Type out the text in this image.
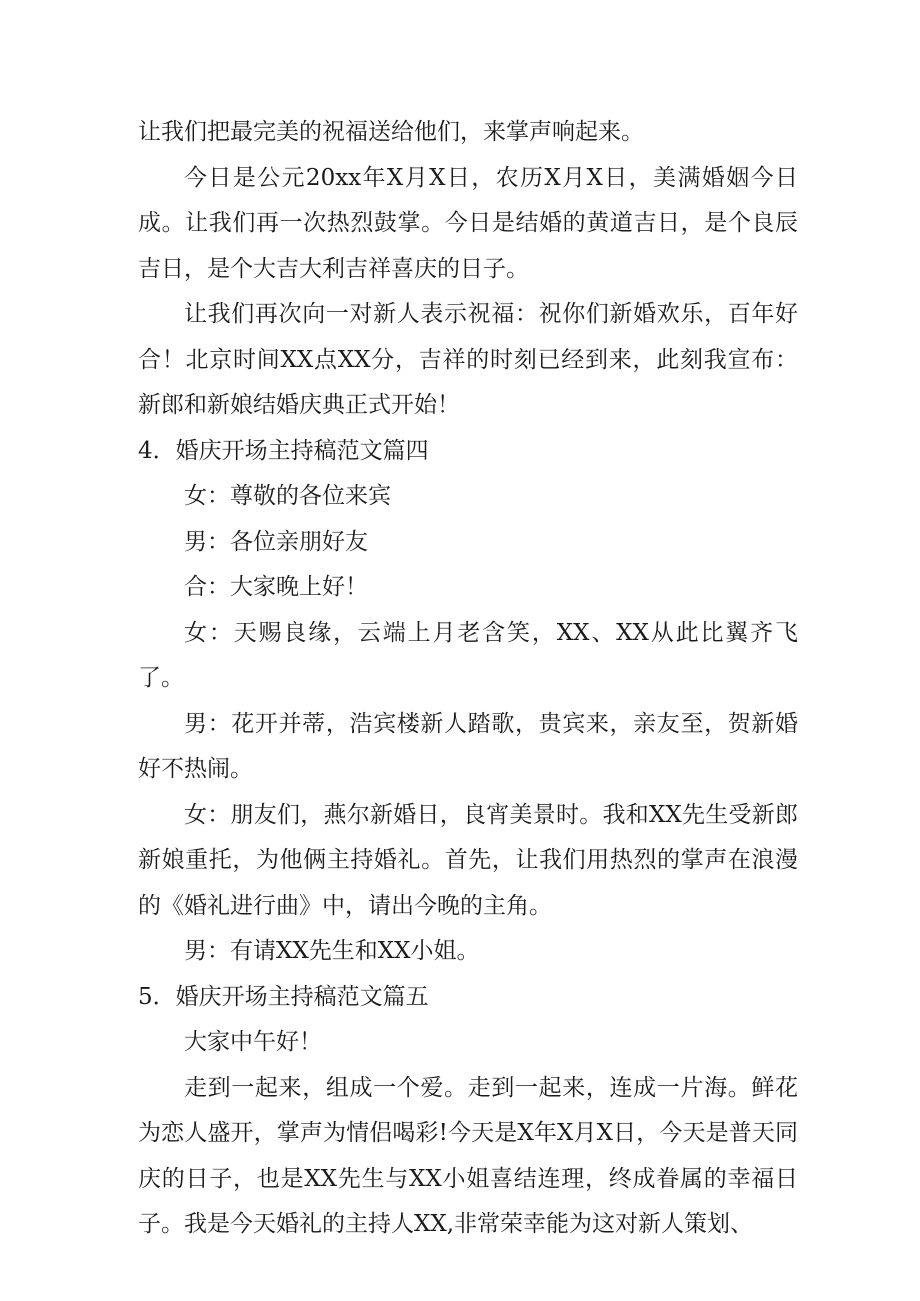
让我们把最完美的祝福送给他们，来掌声响起来。

今日是公元20xx年X月X日，农历X月X日，美满婚姻今日成。让我们再一次热烈鼓掌。今日是结婚的黄道吉日，是个良辰吉日，是个大吉大利吉祥喜庆的日子。

让我们再次向一对新人表示祝福：祝你们新婚欢乐，百年好合！北京时间XX点XX分，吉祥的时刻已经到来，此刻我宣布：新郎和新娘结婚庆典正式开始！

4．婚庆开场主持稿范文篇四

女：尊敬的各位来宾

男：各位亲朋好友

合：大家晚上好！

女：天赐良缘，云端上月老含笑，XX、XX从此比翼齐飞了。

男：花开并蒂，浩宾楼新人踏歌，贵宾来，亲友至，贺新婚好不热闹。

女：朋友们，燕尔新婚日，良宵美景时。我和XX先生受新郎新娘重托，为他俩主持婚礼。首先，让我们用热烈的掌声在浪漫的《婚礼进行曲》中，请出今晚的主角。

男：有请XX先生和XX小姐。

5．婚庆开场主持稿范文篇五

大家中午好！

走到一起来，组成一个爱。走到一起来，连成一片海。鲜花为恋人盛开，掌声为情侣喝彩!今天是X年X月X日，今天是普天同庆的日子，也是XX先生与XX小姐喜结连理，终成眷属的幸福日子。我是今天婚礼的主持人XX,非常荣幸能为这对新人策划、
